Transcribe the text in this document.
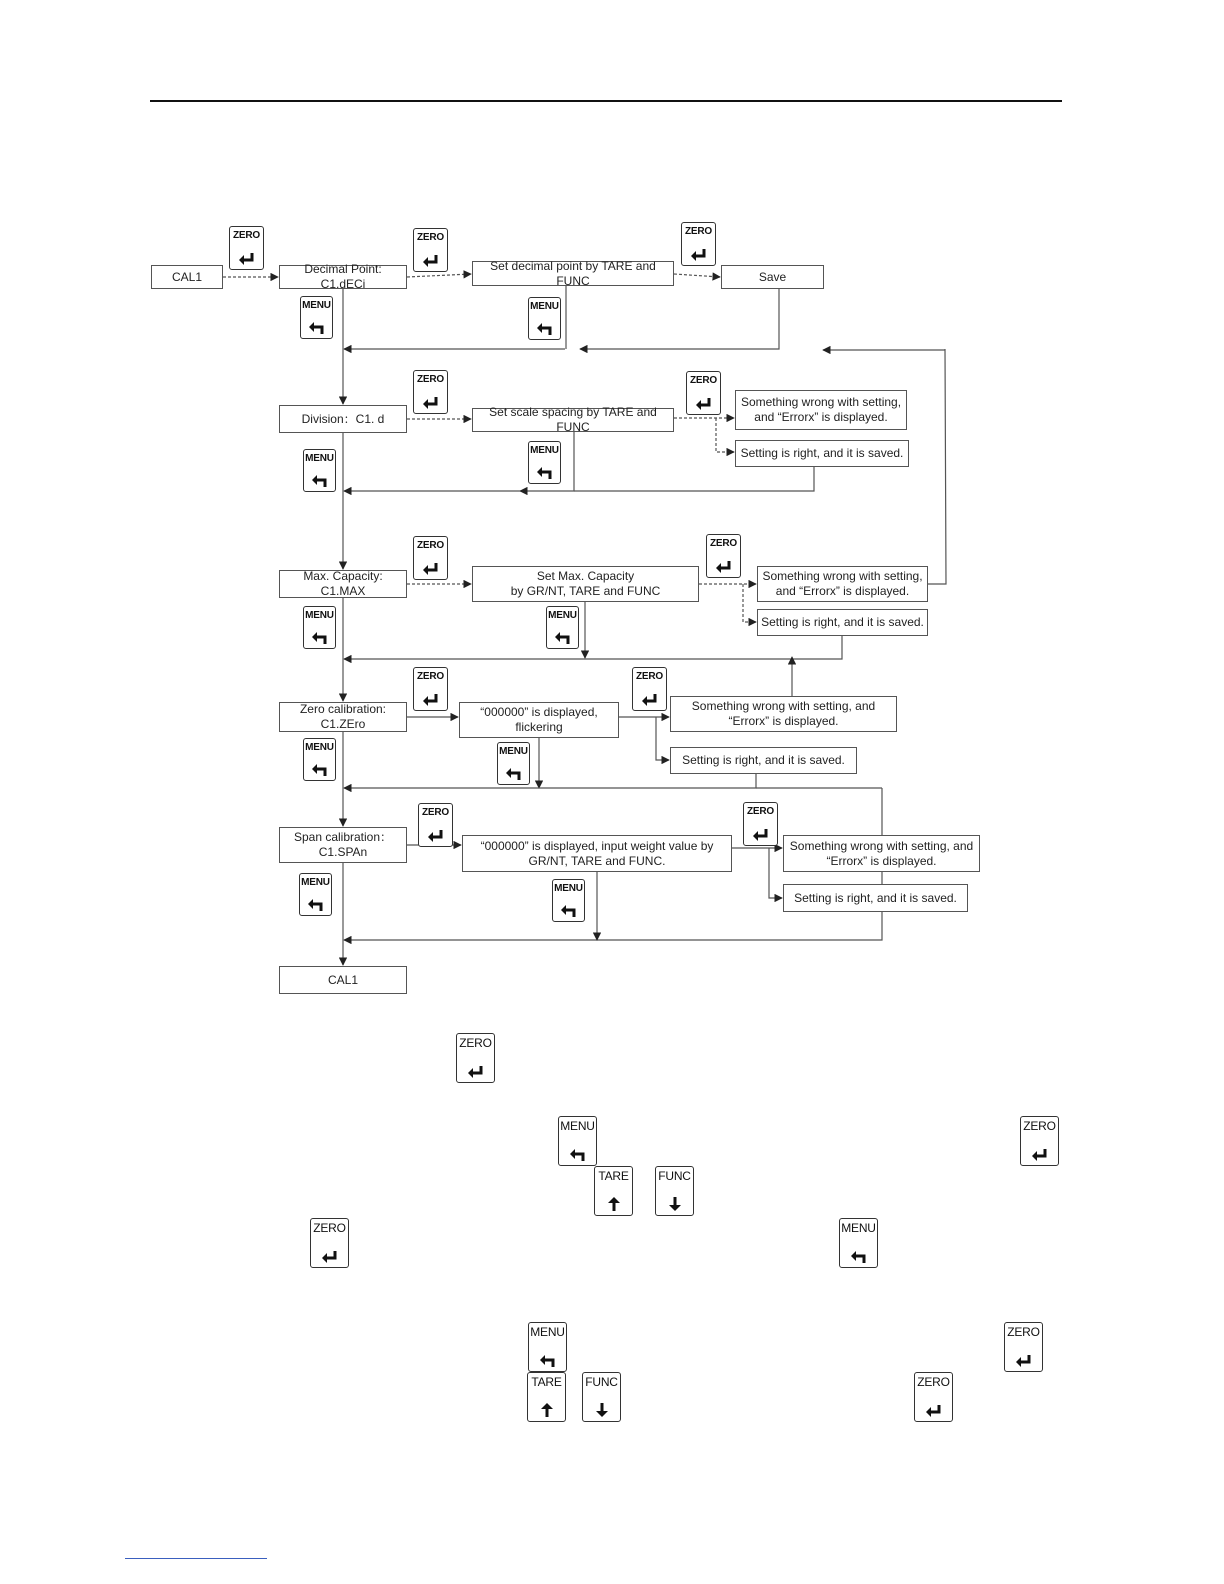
CAL1
Decimal Point: C1.dECi
Set decimal point by TARE and FUNC	Save
Division：C1. d	Set scale spacing by TARE and FUNC
Something wrong with setting,
and “Errorx” is displayed.
Setting is right, and it is saved.
Max. Capacity: C1.MAX
Set Max. Capacity
by GR/NT, TARE and FUNC
Something wrong with setting,
and “Errorx” is displayed.
Setting is right, and it is saved.
Zero calibration:
C1.ZEro
“000000” is displayed,
flickering
Something wrong with setting, and
“Errorx” is displayed.
Setting is right, and it is saved.
Span calibration：
C1.SPAn	“000000” is displayed, input weight value by
GR/NT, TARE and FUNC.
Something wrong with setting, and
“Errorx” is displayed.
Setting is right, and it is saved.
CAL1
ZERO	ZERO
ZERO
MENU	MENU
ZERO	ZERO
MENU
MENU
ZERO	ZERO
MENU	MENU
ZERO	ZERO
MENU	MENU
ZERO	ZERO
MENU
MENU
ZERO
MENU	ZERO
TARE FUNC
ZERO	MENU
MENU	ZERO
TARE FUNC	ZERO
